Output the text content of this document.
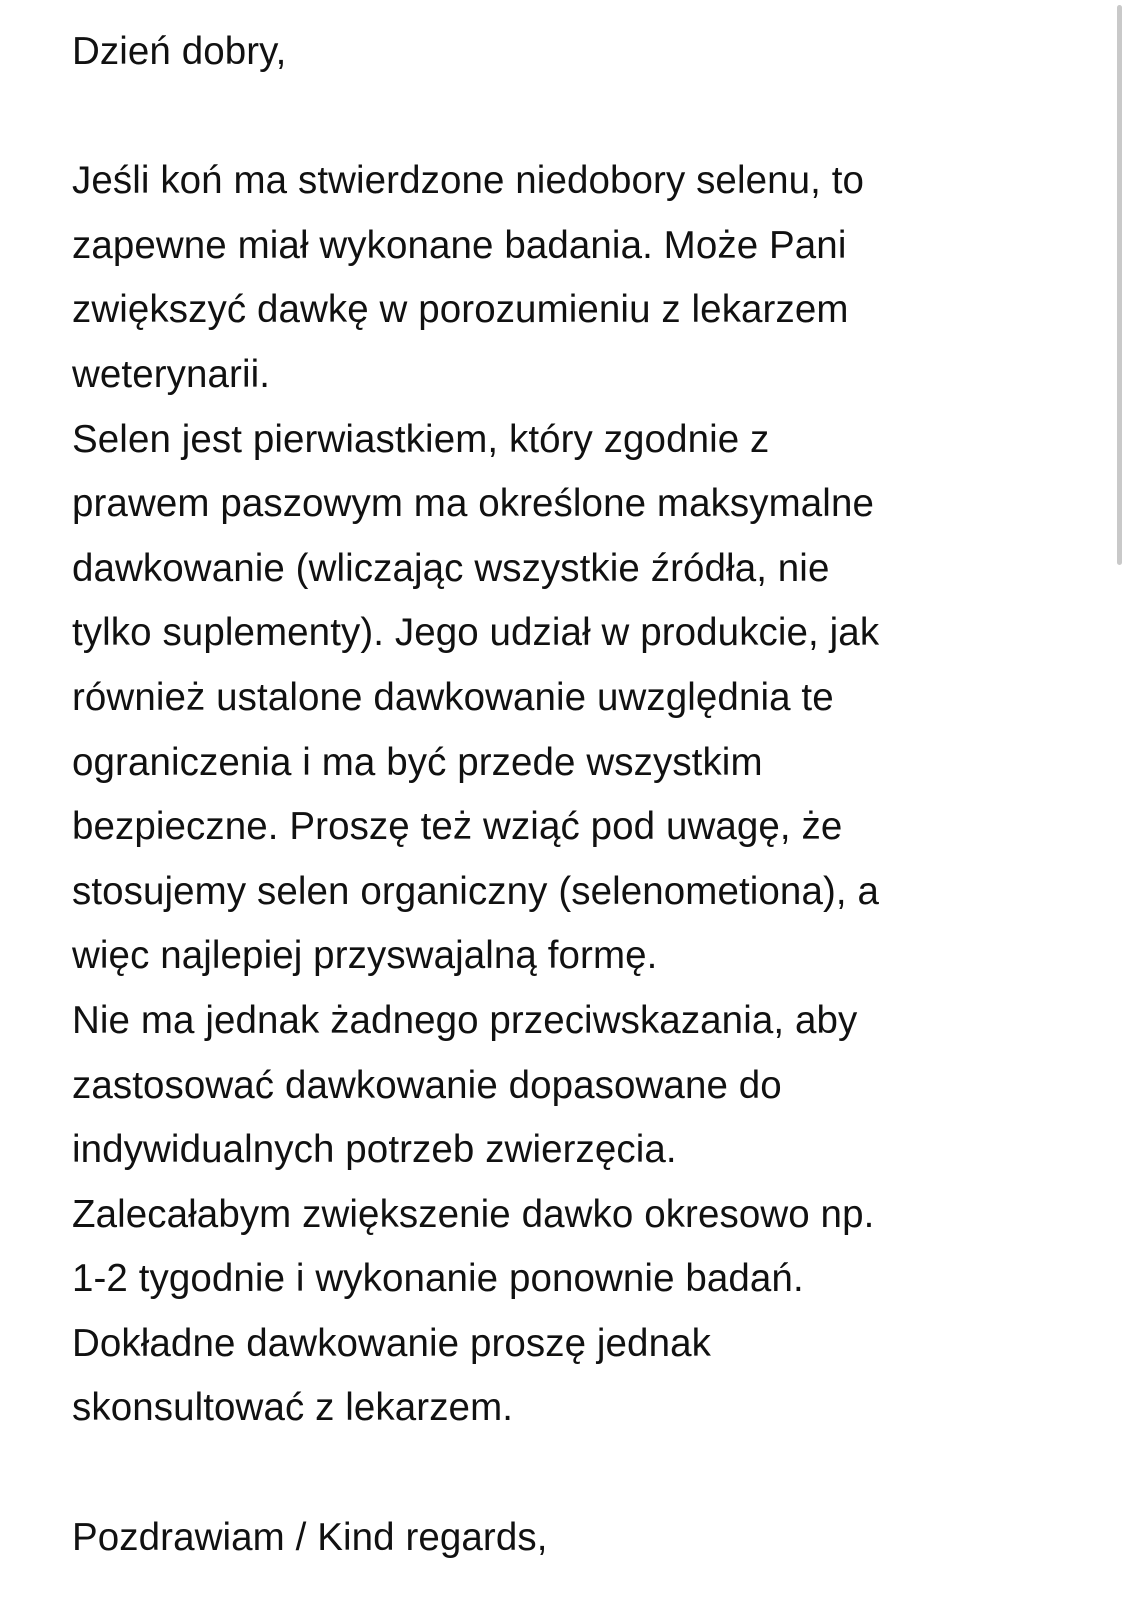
Dzień dobry,
Jeśli koń ma stwierdzone niedobory selenu, to
zapewne miał wykonane badania. Może Pani
zwiększyć dawkę w porozumieniu z lekarzem
weterynarii.
Selen jest pierwiastkiem, który zgodnie z
prawem paszowym ma określone maksymalne
dawkowanie (wliczając wszystkie źródła, nie
tylko suplementy). Jego udział w produkcie, jak
również ustalone dawkowanie uwzględnia te
ograniczenia i ma być przede wszystkim
bezpieczne. Proszę też wziąć pod uwagę, że
stosujemy selen organiczny (selenometiona), a
więc najlepiej przyswajalną formę.
Nie ma jednak żadnego przeciwskazania, aby
zastosować dawkowanie dopasowane do
indywidualnych potrzeb zwierzęcia.
Zalecałabym zwiększenie dawko okresowo np.
1-2 tygodnie i wykonanie ponownie badań.
Dokładne dawkowanie proszę jednak
skonsultować z lekarzem.
Pozdrawiam / Kind regards,
